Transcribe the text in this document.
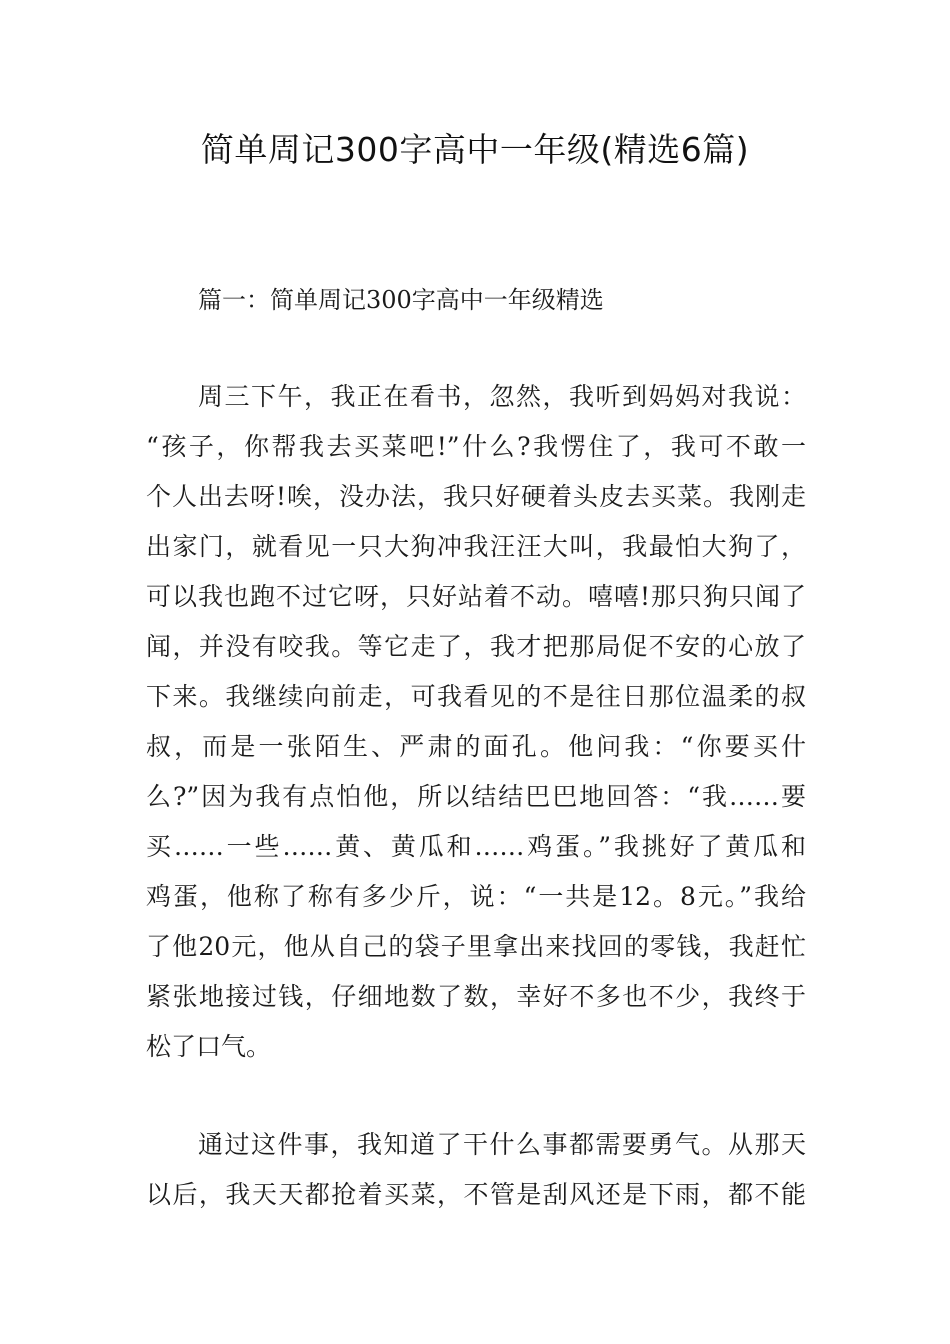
简单周记300字高中一年级(精选6篇)
篇一：简单周记300字高中一年级精选
周三下午，我正在看书，忽然，我听到妈妈对我说：
“孩子，你帮我去买菜吧!”什么?我愣住了，我可不敢一
个人出去呀!唉，没办法，我只好硬着头皮去买菜。我刚走
出家门，就看见一只大狗冲我汪汪大叫，我最怕大狗了，
可以我也跑不过它呀，只好站着不动。嘻嘻!那只狗只闻了
闻，并没有咬我。等它走了，我才把那局促不安的心放了
下来。我继续向前走，可我看见的不是往日那位温柔的叔
叔，而是一张陌生、严肃的面孔。他问我：“你要买什
么?”因为我有点怕他，所以结结巴巴地回答：“我……要
买……一些……黄、黄瓜和……鸡蛋。”我挑好了黄瓜和
鸡蛋，他称了称有多少斤，说：“一共是12。8元。”我给
了他20元，他从自己的袋子里拿出来找回的零钱，我赶忙
紧张地接过钱，仔细地数了数，幸好不多也不少，我终于
松了口气。
通过这件事，我知道了干什么事都需要勇气。从那天
以后，我天天都抢着买菜，不管是刮风还是下雨，都不能
